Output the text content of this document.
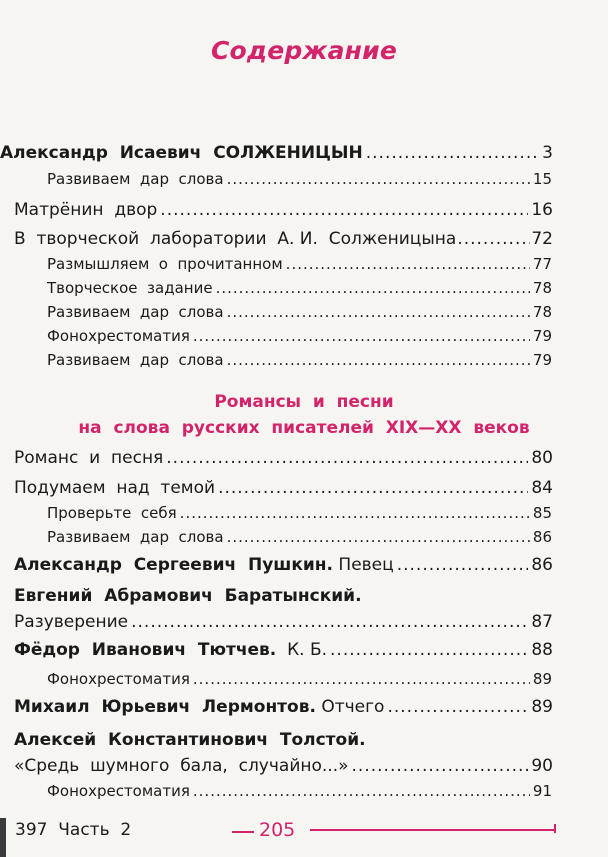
Содержание
Александр  Исаевич  СОЛЖЕНИЦЫН .....	3
Развиваем  дар  слова .....	15
Матрёнин  двор .....	16
В  творческой  лаборатории  А. И.  Солженицына .....	72
Размышляем  о  прочитанном .....	77
Творческое  задание .....	78
Развиваем  дар  слова .....	78
Фонохрестоматия .....	79
Развиваем  дар  слова .....	79
Романсы  и  песни
на  слова  русских  писателей  XIX—XX  веков
Романс  и  песня .....	80
Подумаем  над  темой .....	84
Проверьте  себя .....	85
Развиваем  дар  слова .....	86
Александр  Сергеевич  Пушкин. Певец .....	86
Евгений  Абрамович  Баратынский.
Разуверение .....	87
Фёдор  Иванович  Тютчев.  К. Б. .....	88
Фонохрестоматия .....	89
Михаил  Юрьевич  Лермонтов. Отчего .....	89
Алексей  Константинович  Толстой.
«Средь  шумного  бала,  случайно...» .....	90
Фонохрестоматия .....	91
397  Часть  2	205
